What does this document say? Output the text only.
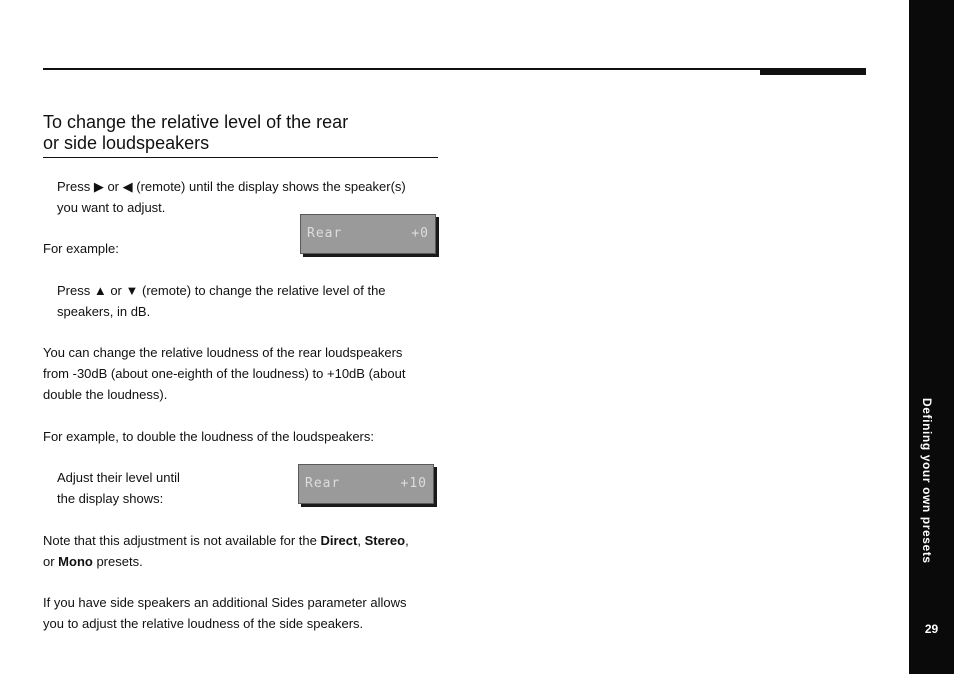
Defining your own presets
29
To change the relative level of the rear
or side loudspeakers
Press ▶ or ◀ (remote) until the display shows the speaker(s)
you want to adjust.
For example:
Rear	+0
Press ▲ or ▼ (remote) to change the relative level of the
speakers, in dB.
You can change the relative loudness of the rear loudspeakers
from -30dB (about one-eighth of the loudness) to +10dB (about
double the loudness).
For example, to double the loudness of the loudspeakers:
Adjust their level until
the display shows:
Rear	+10
Note that this adjustment is not available for the Direct, Stereo,
or Mono presets.
If you have side speakers an additional Sides parameter allows
you to adjust the relative loudness of the side speakers.
